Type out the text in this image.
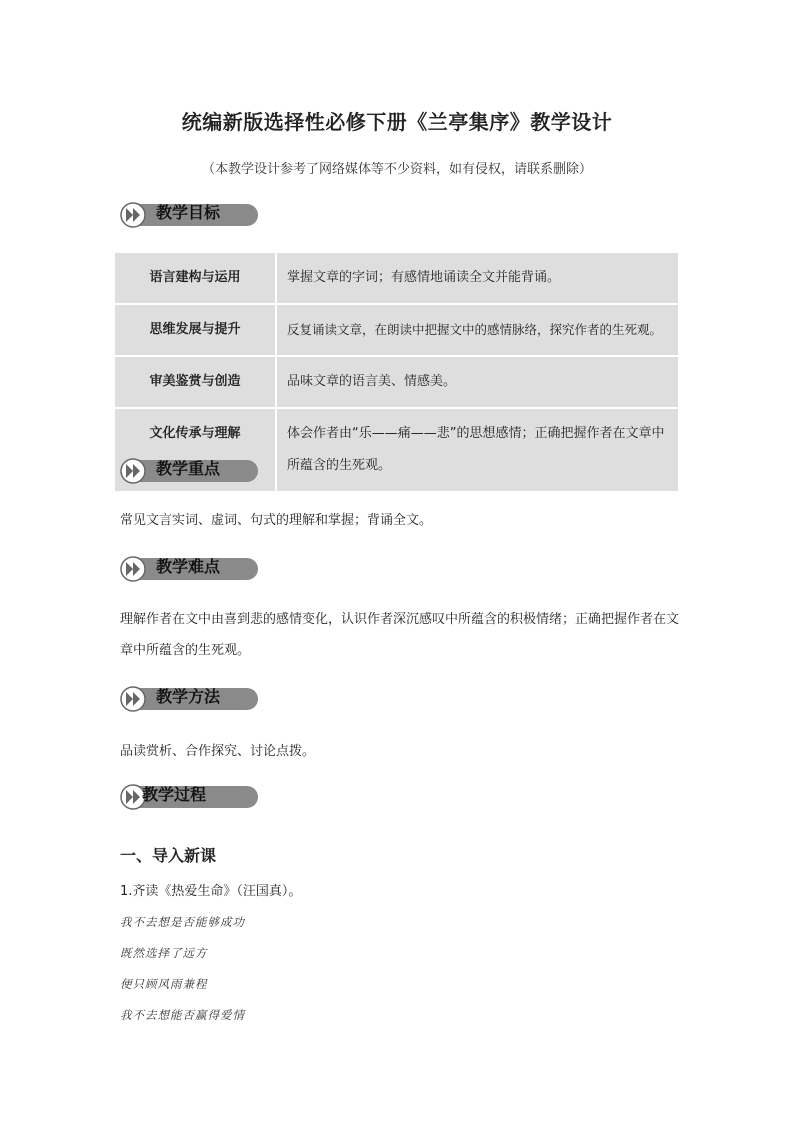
统编新版选择性必修下册《兰亭集序》教学设计
（本教学设计参考了网络媒体等不少资料，如有侵权，请联系删除）
教学目标
语言建构与运用	掌握文章的字词；有感情地诵读全文并能背诵。
思维发展与提升	反复诵读文章，在朗读中把握文中的感情脉络，探究作者的生死观。
审美鉴赏与创造	品味文章的语言美、情感美。
文化传承与理解	体会作者由“乐——痛——悲”的思想感情；正确把握作者在文章中所蕴含的生死观。
教学重点
常见文言实词、虚词、句式的理解和掌握；背诵全文。
教学难点
理解作者在文中由喜到悲的感情变化，认识作者深沉感叹中所蕴含的积极情绪；正确把握作者在文章中所蕴含的生死观。
教学方法
品读赏析、合作探究、讨论点拨。
教学过程
一、导入新课
1.齐读《热爱生命》（汪国真）。
我不去想是否能够成功
既然选择了远方
便只顾风雨兼程
我不去想能否赢得爱情
